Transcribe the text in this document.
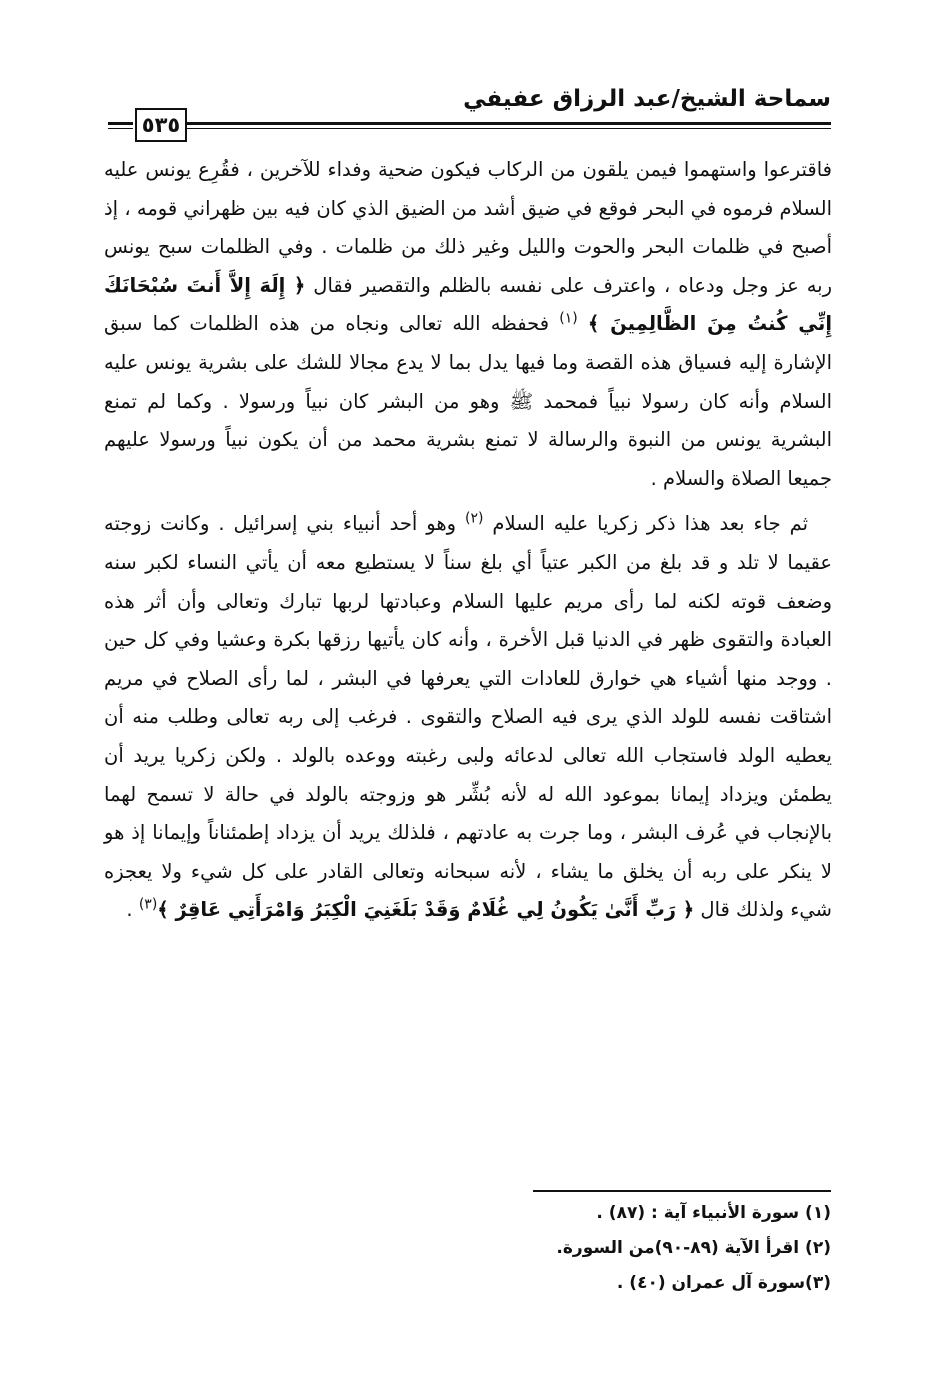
سماحة الشيخ/عبد الرزاق عفيفي
٥٣٥

فاقترعوا واستهموا فيمن يلقون من الركاب فيكون ضحية وفداء للآخرين ، فقُرِع يونس عليه السلام فرموه في البحر فوقع في ضيق أشد من الضيق الذي كان فيه بين ظهراني قومه ، إذ أصبح في ظلمات البحر والحوت والليل وغير ذلك من ظلمات . وفي الظلمات سبح يونس ربه عز وجل ودعاه ، واعترف على نفسه بالظلم والتقصير فقال ﴿ إِلَهَ إِلاَّ أَنتَ سُبْحَانَكَ إِنِّي كُنتُ مِنَ الظَّالِمِينَ ﴾ $^{(١)}$ فحفظه الله تعالى ونجاه من هذه الظلمات كما سبق الإشارة إليه فسياق هذه القصة وما فيها يدل بما لا يدع مجالا للشك على بشرية يونس عليه السلام وأنه كان رسولا نبياً فمحمد ﷺ وهو من البشر كان نبياً ورسولا . وكما لم تمنع البشرية يونس من النبوة والرسالة لا تمنع بشرية محمد من أن يكون نبياً ورسولا عليهم جميعا الصلاة والسلام .

ثم جاء بعد هذا ذكر زكريا عليه السلام $^{(٢)}$ وهو أحد أنبياء بني إسرائيل . وكانت زوجته عقيما لا تلد و قد بلغ من الكبر عتياً أي بلغ سناً لا يستطيع معه أن يأتي النساء لكبر سنه وضعف قوته لكنه لما رأى مريم عليها السلام وعبادتها لربها تبارك وتعالى وأن أثر هذه العبادة والتقوى ظهر في الدنيا قبل الأخرة ، وأنه كان يأتيها رزقها بكرة وعشيا وفي كل حين . ووجد منها أشياء هي خوارق للعادات التي يعرفها في البشر ، لما رأى الصلاح في مريم اشتاقت نفسه للولد الذي يرى فيه الصلاح والتقوى . فرغب إلى ربه تعالى وطلب منه أن يعطيه الولد فاستجاب الله تعالى لدعائه ولبى رغبته ووعده بالولد . ولكن زكريا يريد أن يطمئن ويزداد إيمانا بموعود الله له لأنه بُشِّر هو وزوجته بالولد في حالة لا تسمح لهما بالإنجاب في عُرف البشر ، وما جرت به عادتهم ، فلذلك يريد أن يزداد إطمئناناً وإيمانا إذ هو لا ينكر على ربه أن يخلق ما يشاء ، لأنه سبحانه وتعالى القادر على كل شيء ولا يعجزه شيء ولذلك قال ﴿ رَبِّ أَنَّىٰ يَكُونُ لِي غُلَامٌ وَقَدْ بَلَغَنِيَ الْكِبَرُ وَامْرَأَتِي عَاقِرٌ ﴾$^{(٣)}$ .

(١) سورة الأنبياء آية : (٨٧) .
(٢) اقرأ الآية (٨٩-٩٠)من السورة.
(٣)سورة آل عمران (٤٠) .
